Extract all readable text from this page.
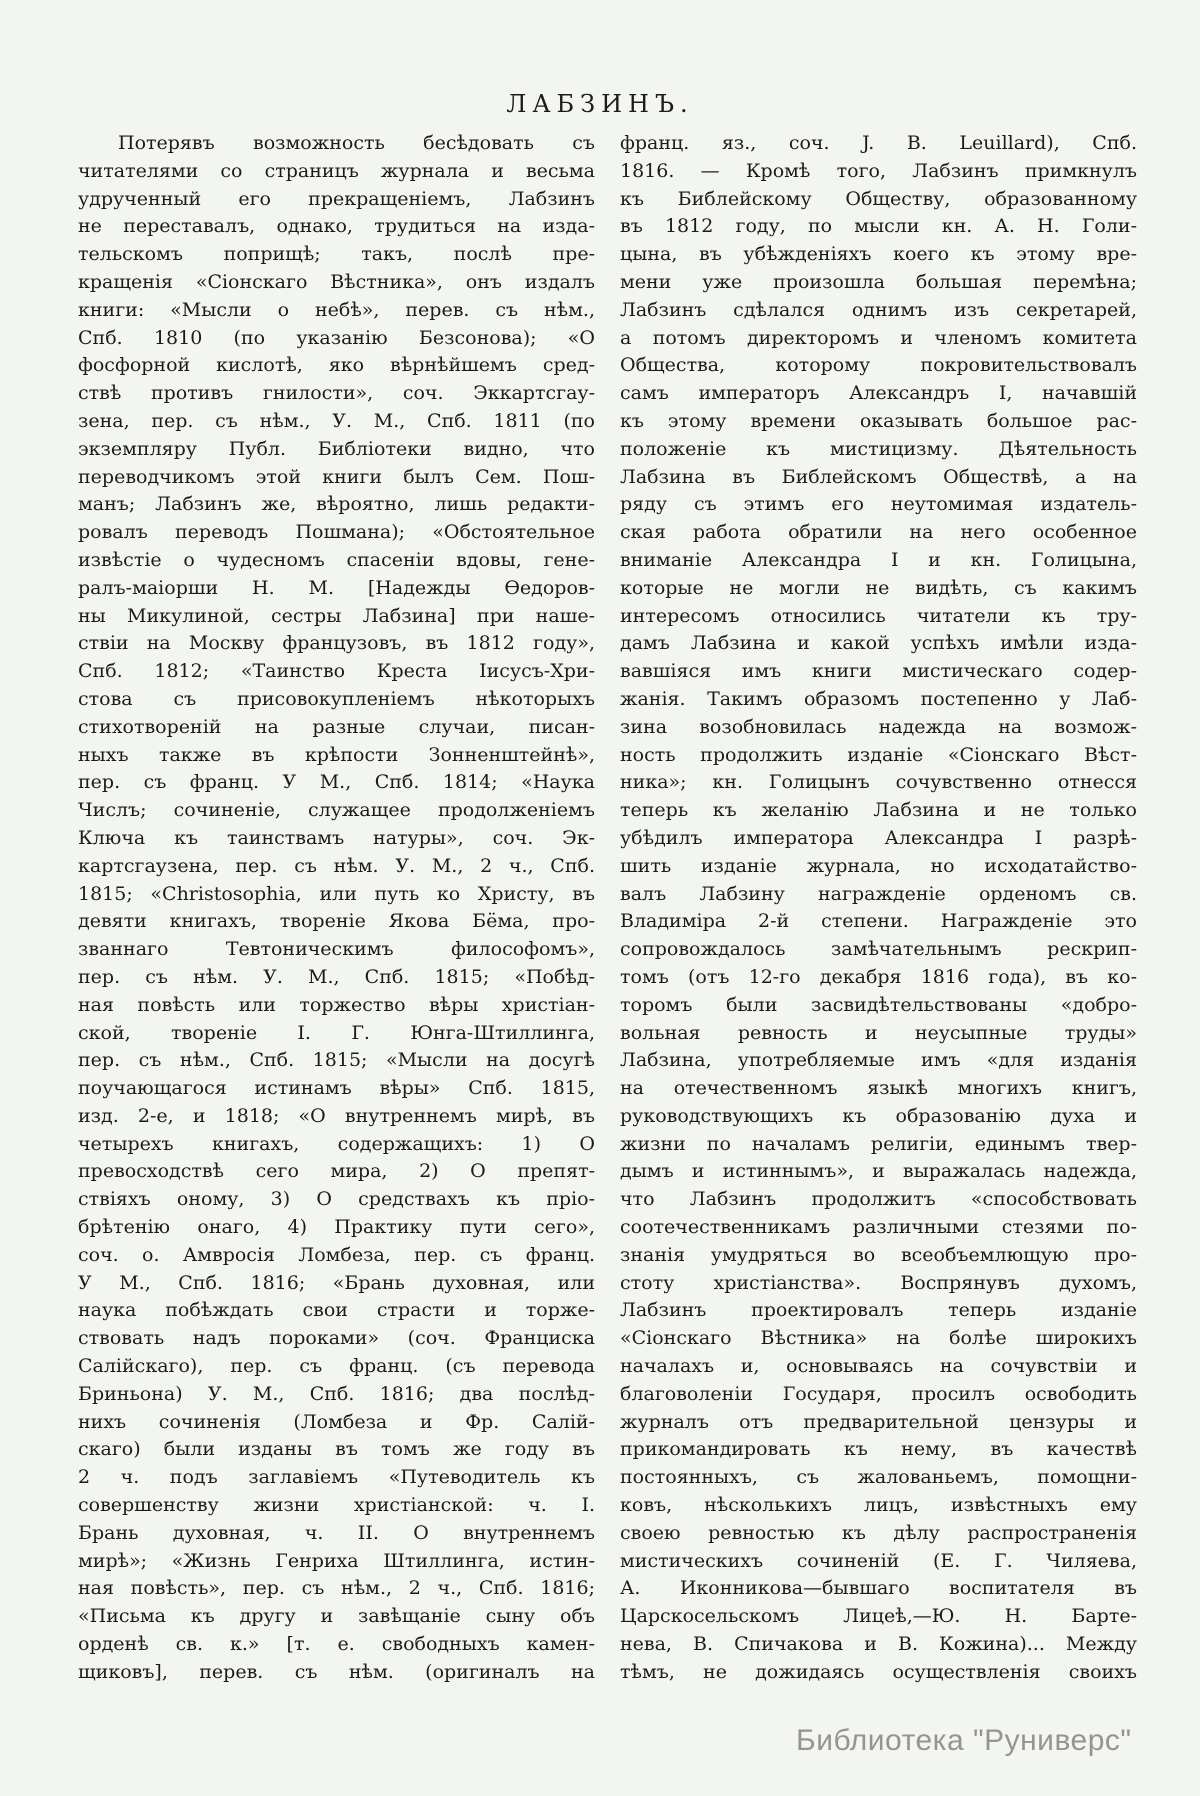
ЛАБЗИНЪ.
Потерявъ возможность бесѣдовать съ
читателями со страницъ журнала и весьма
удрученный его прекращеніемъ, Лабзинъ
не переставалъ, однако, трудиться на изда-
тельскомъ поприщѣ; такъ, послѣ пре-
кращенія «Сіонскаго Вѣстника», онъ издалъ
книги: «Мысли о небѣ», перев. съ нѣм.,
Спб. 1810 (по указанію Безсонова); «О
фосфорной кислотѣ, яко вѣрнѣйшемъ сред-
ствѣ противъ гнилости», соч. Эккартсгау-
зена, пер. съ нѣм., У. М., Спб. 1811 (по
экземпляру Публ. Библіотеки видно, что
переводчикомъ этой книги былъ Сем. Пош-
манъ; Лабзинъ же, вѣроятно, лишь редакти-
ровалъ переводъ Пошмана); «Обстоятельное
извѣстіе о чудесномъ спасеніи вдовы, гене-
ралъ-маіорши Н. М. [Надежды Ѳедоров-
ны Микулиной, сестры Лабзина] при наше-
ствіи на Москву французовъ, въ 1812 году»,
Спб. 1812; «Таинство Креста Іисусъ-Хри-
стова съ присовокупленіемъ нѣкоторыхъ
стихотвореній на разные случаи, писан-
ныхъ также въ крѣпости Зонненштейнѣ»,
пер. съ франц. У М., Спб. 1814; «Наука
Числъ; сочиненіе, служащее продолженіемъ
Ключа къ таинствамъ натуры», соч. Эк-
картсгаузена, пер. съ нѣм. У. М., 2 ч., Спб.
1815; «Christosophia, или путь ко Христу, въ
девяти книгахъ, твореніе Якова Бёма, про-
званнаго Тевтоническимъ философомъ»,
пер. съ нѣм. У. М., Спб. 1815; «Побѣд-
ная повѣсть или торжество вѣры христіан-
ской, твореніе І. Г. Юнга-Штиллинга,
пер. съ нѣм., Спб. 1815; «Мысли на досугѣ
поучающагося истинамъ вѣры» Спб. 1815,
изд. 2-е, и 1818; «О внутреннемъ мирѣ, въ
четырехъ книгахъ, содержащихъ: 1) О
превосходствѣ сего мира, 2) О препят-
ствіяхъ оному, 3) О средствахъ къ пріо-
брѣтенію онаго, 4) Практику пути сего»,
соч. о. Амвросія Ломбеза, пер. съ франц.
У М., Спб. 1816; «Брань духовная, или
наука побѣждать свои страсти и торже-
ствовать надъ пороками» (соч. Франциска
Салійскаго), пер. съ франц. (съ перевода
Бриньона) У. М., Спб. 1816; два послѣд-
нихъ сочиненія (Ломбеза и Фр. Салій-
скаго) были изданы въ томъ же году въ
2 ч. подъ заглавіемъ «Путеводитель къ
совершенству жизни христіанской: ч. І.
Брань духовная, ч. II. О внутреннемъ
мирѣ»; «Жизнь Генриха Штиллинга, истин-
ная повѣсть», пер. съ нѣм., 2 ч., Спб. 1816;
«Письма къ другу и завѣщаніе сыну объ
орденѣ св. к.» [т. е. свободныхъ камен-
щиковъ], перев. съ нѣм. (оригиналъ на
франц. яз., соч. J. B. Leuillard), Спб.
1816. — Кромѣ того, Лабзинъ примкнулъ
къ Библейскому Обществу, образованному
въ 1812 году, по мысли кн. А. Н. Голи-
цына, въ убѣжденіяхъ коего къ этому вре-
мени уже произошла большая перемѣна;
Лабзинъ сдѣлался однимъ изъ секретарей,
а потомъ директоромъ и членомъ комитета
Общества, которому покровительствовалъ
самъ императоръ Александръ I, начавшій
къ этому времени оказывать большое рас-
положеніе къ мистицизму. Дѣятельность
Лабзина въ Библейскомъ Обществѣ, а на
ряду съ этимъ его неутомимая издатель-
ская работа обратили на него особенное
вниманіе Александра I и кн. Голицына,
которые не могли не видѣть, съ какимъ
интересомъ относились читатели къ тру-
дамъ Лабзина и какой успѣхъ имѣли изда-
вавшіяся имъ книги мистическаго содер-
жанія. Такимъ образомъ постепенно у Лаб-
зина возобновилась надежда на возмож-
ность продолжить изданіе «Сіонскаго Вѣст-
ника»; кн. Голицынъ сочувственно отнесся
теперь къ желанію Лабзина и не только
убѣдилъ императора Александра I разрѣ-
шить изданіе журнала, но исходатайство-
валъ Лабзину награжденіе орденомъ св.
Владиміра 2-й степени. Награжденіе это
сопровождалось замѣчательнымъ рескрип-
томъ (отъ 12-го декабря 1816 года), въ ко-
торомъ были засвидѣтельствованы «добро-
вольная ревность и неусыпные труды»
Лабзина, употребляемые имъ «для изданія
на отечественномъ языкѣ многихъ книгъ,
руководствующихъ къ образованію духа и
жизни по началамъ религіи, единымъ твер-
дымъ и истиннымъ», и выражалась надежда,
что Лабзинъ продолжитъ «способствовать
соотечественникамъ различными стезями по-
знанія умудряться во всеобъемлющую про-
стоту христіанства». Воспрянувъ духомъ,
Лабзинъ проектировалъ теперь изданіе
«Сіонскаго Вѣстника» на болѣе широкихъ
началахъ и, основываясь на сочувствіи и
благоволеніи Государя, просилъ освободить
журналъ отъ предварительной цензуры и
прикомандировать къ нему, въ качествѣ
постоянныхъ, съ жалованьемъ, помощни-
ковъ, нѣсколькихъ лицъ, извѣстныхъ ему
своею ревностью къ дѣлу распространенія
мистическихъ сочиненій (Е. Г. Чиляева,
А. Иконникова—бывшаго воспитателя въ
Царскосельскомъ Лицеѣ,—Ю. Н. Барте-
нева, В. Спичакова и В. Кожина)... Между
тѣмъ, не дожидаясь осуществленія своихъ
Библиотека "Руниверс"
